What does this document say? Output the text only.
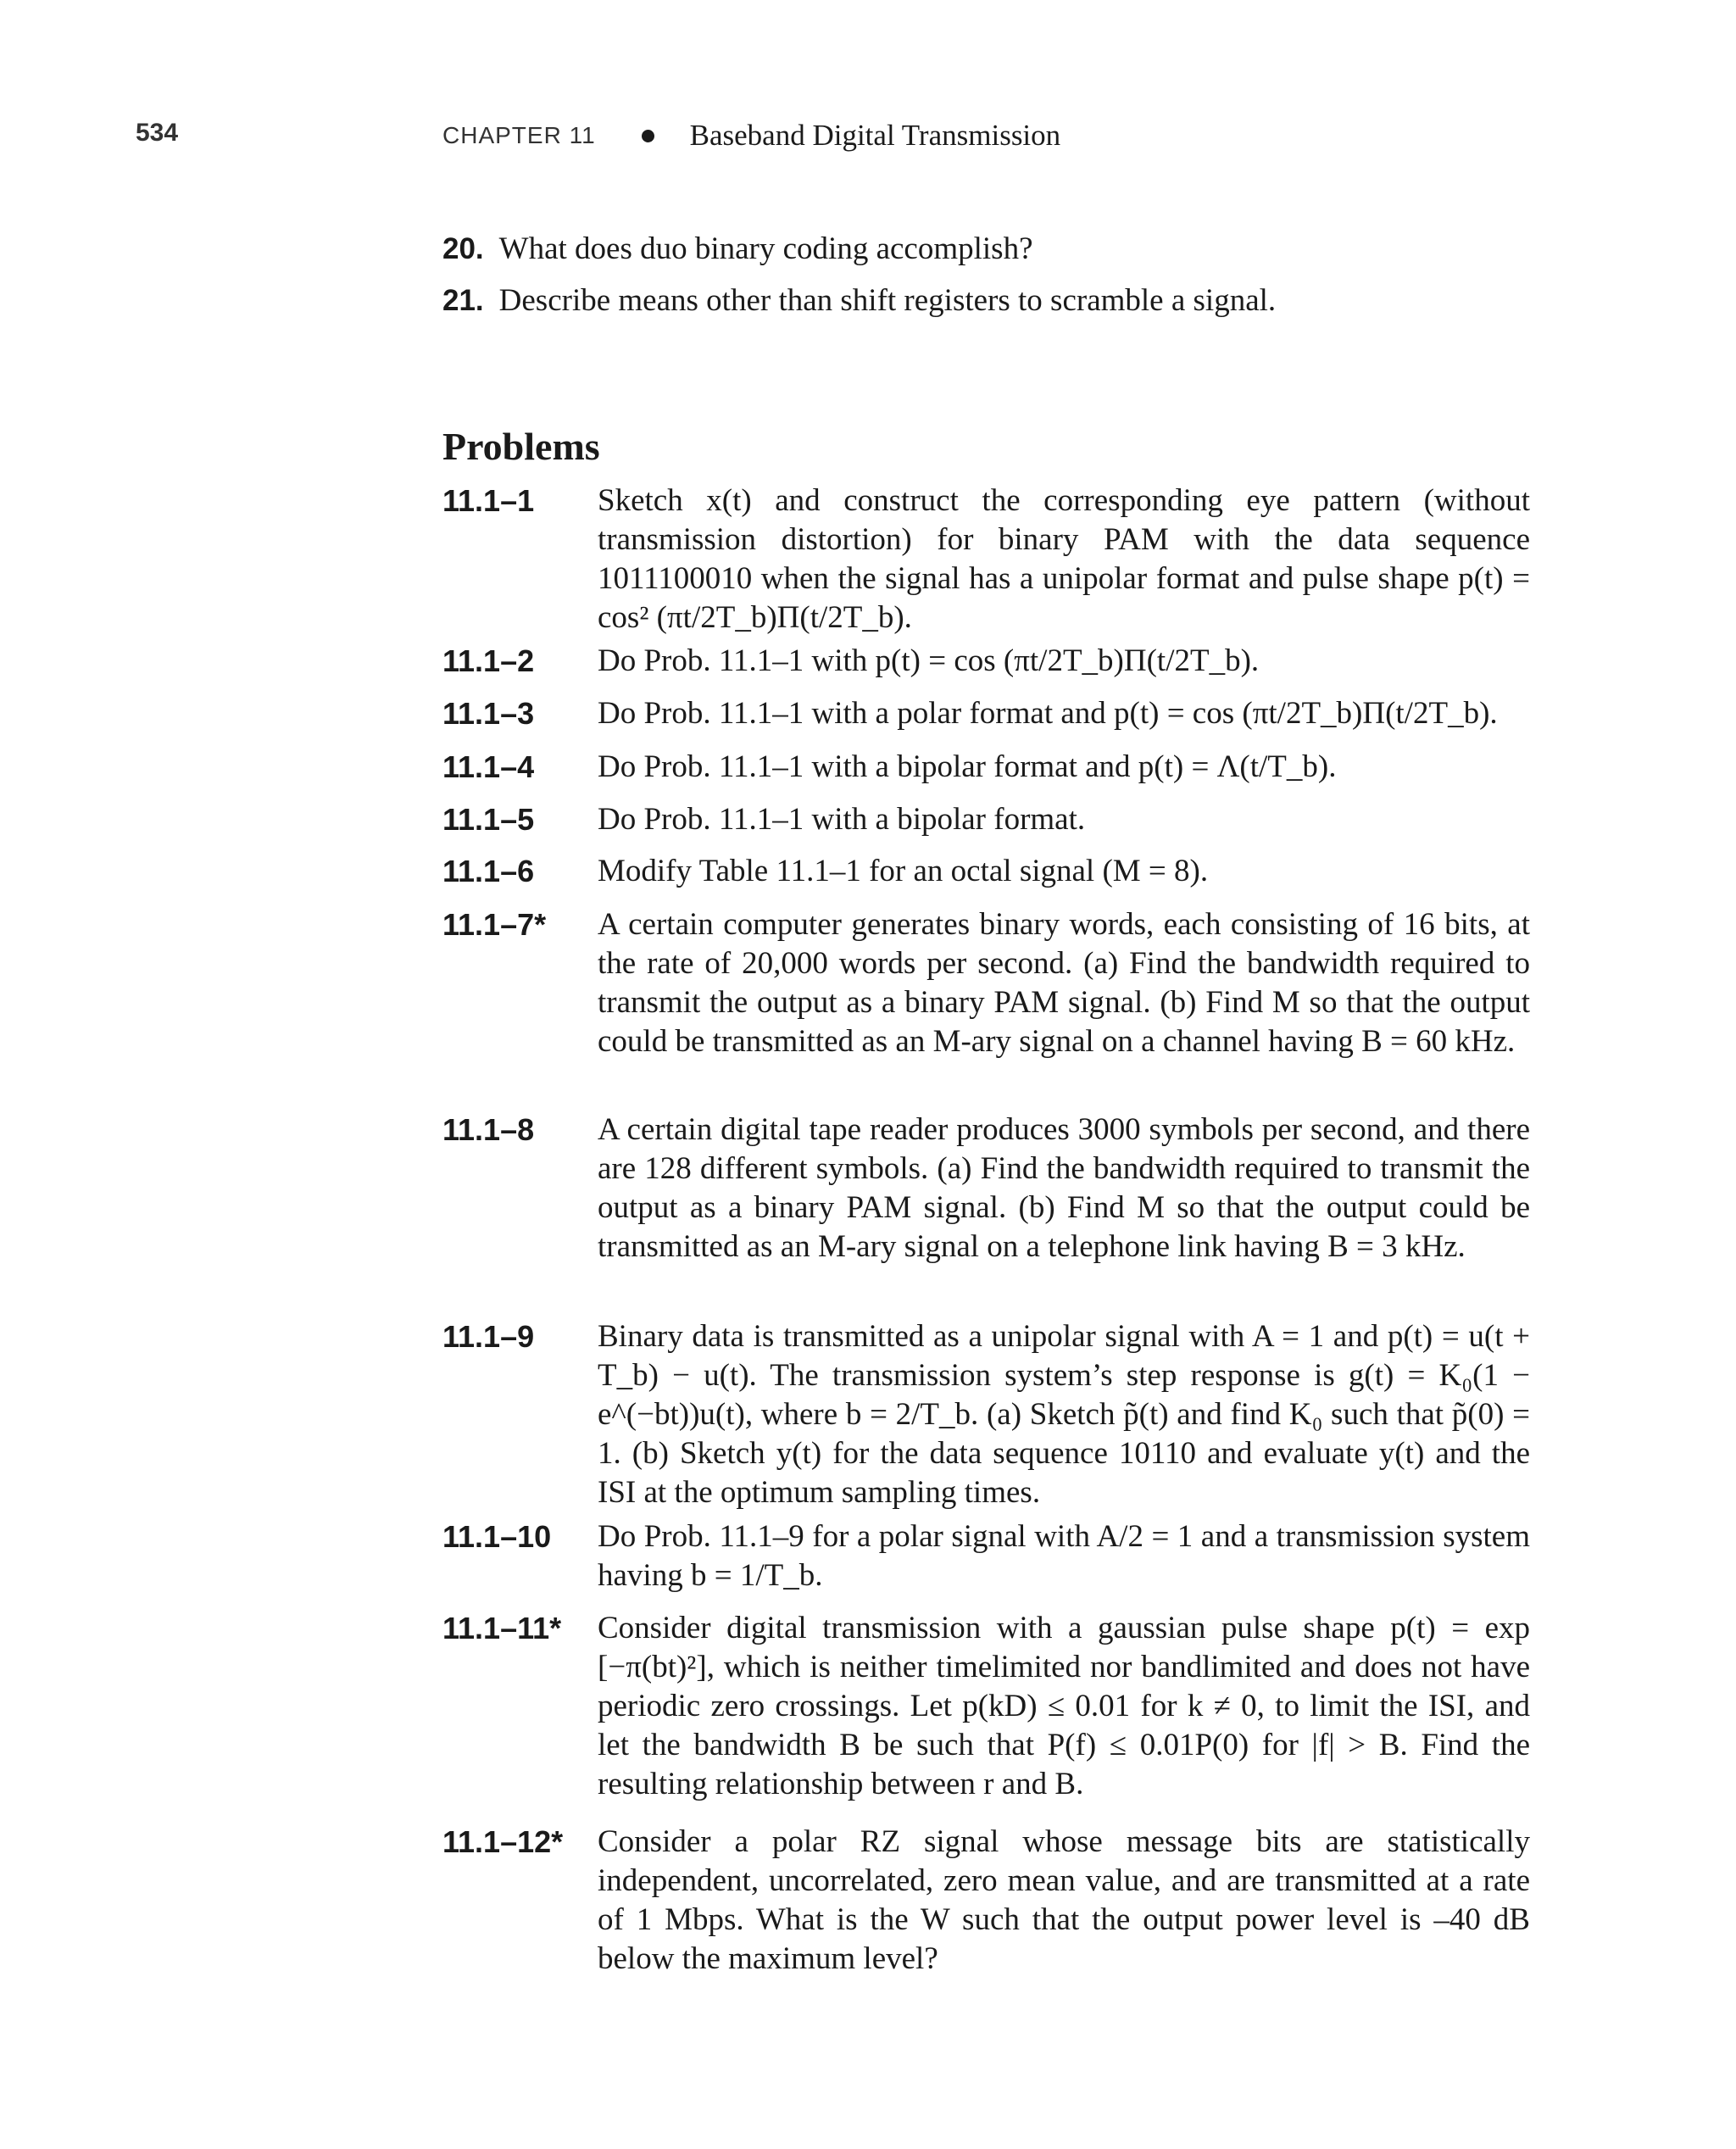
534	CHAPTER 11	Baseband Digital Transmission
20. What does duo binary coding accomplish?
21. Describe means other than shift registers to scramble a signal.
Problems
11.1–1 Sketch x(t) and construct the corresponding eye pattern (without transmission distortion) for binary PAM with the data sequence 1011100010 when the signal has a unipolar format and pulse shape p(t) = cos² (πt/2T_b)Π(t/2T_b).
11.1–2 Do Prob. 11.1–1 with p(t) = cos (πt/2T_b)Π(t/2T_b).
11.1–3 Do Prob. 11.1–1 with a polar format and p(t) = cos (πt/2T_b)Π(t/2T_b).
11.1–4 Do Prob. 11.1–1 with a bipolar format and p(t) = Λ(t/T_b).
11.1–5 Do Prob. 11.1–1 with a bipolar format.
11.1–6 Modify Table 11.1–1 for an octal signal (M = 8).
11.1–7* A certain computer generates binary words, each consisting of 16 bits, at the rate of 20,000 words per second. (a) Find the bandwidth required to transmit the output as a binary PAM signal. (b) Find M so that the output could be transmitted as an M-ary signal on a channel having B = 60 kHz.
11.1–8 A certain digital tape reader produces 3000 symbols per second, and there are 128 different symbols. (a) Find the bandwidth required to transmit the output as a binary PAM signal. (b) Find M so that the output could be transmitted as an M-ary signal on a telephone link having B = 3 kHz.
11.1–9 Binary data is transmitted as a unipolar signal with A = 1 and p(t) = u(t + T_b) − u(t). The transmission system’s step response is g(t) = K₀(1 − e^(−bt))u(t), where b = 2/T_b. (a) Sketch p̃(t) and find K₀ such that p̃(0) = 1. (b) Sketch y(t) for the data sequence 10110 and evaluate y(t) and the ISI at the optimum sampling times.
11.1–10 Do Prob. 11.1–9 for a polar signal with A/2 = 1 and a transmission system having b = 1/T_b.
11.1–11* Consider digital transmission with a gaussian pulse shape p(t) = exp [−π(bt)²], which is neither timelimited nor bandlimited and does not have periodic zero crossings. Let p(kD) ≤ 0.01 for k ≠ 0, to limit the ISI, and let the bandwidth B be such that P(f) ≤ 0.01P(0) for |f| > B. Find the resulting relationship between r and B.
11.1–12* Consider a polar RZ signal whose message bits are statistically independent, uncorrelated, zero mean value, and are transmitted at a rate of 1 Mbps. What is the W such that the output power level is –40 dB below the maximum level?
